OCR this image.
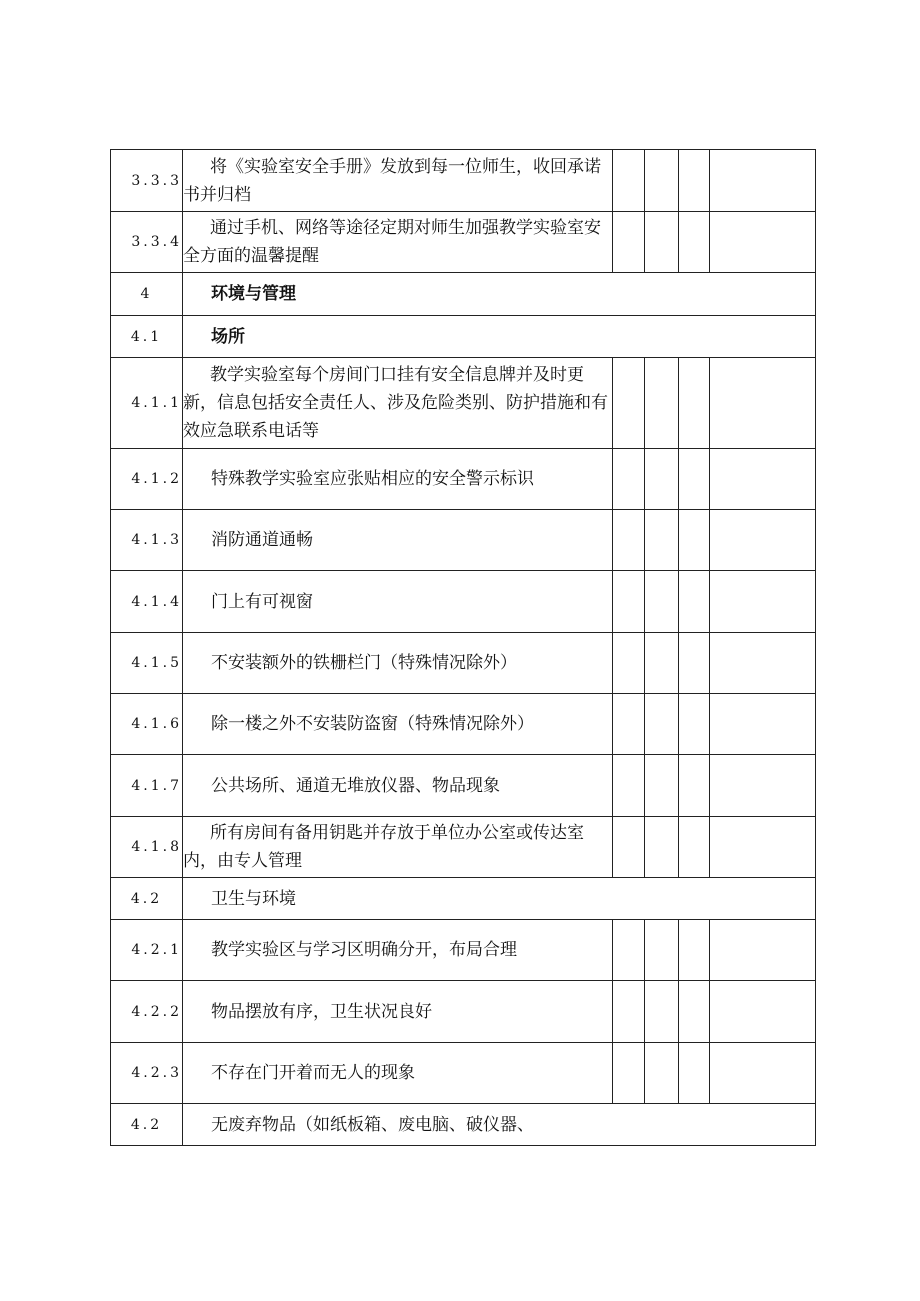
3.3.3	将《实验室安全手册》发放到每一位师生，收回承诺书并归档				

3.3.4	通过手机、网络等途径定期对师生加强教学实验室安全方面的温馨提醒				

4	环境与管理				
4.1	场所				
4.1.1	教学实验室每个房间门口挂有安全信息牌并及时更新，信息包括安全责任人、涉及危险类别、防护措施和有效应急联系电话等				

4.1.2	特殊教学实验室应张贴相应的安全警示标识				
4.1.3	消防通道通畅				
4.1.4	门上有可视窗				
4.1.5	不安装额外的铁栅栏门（特殊情况除外）				
4.1.6	除一楼之外不安装防盗窗（特殊情况除外）				
4.1.7	公共场所、通道无堆放仪器、物品现象				
4.1.8	所有房间有备用钥匙并存放于单位办公室或传达室内，由专人管理				

4.2	卫生与环境				
4.2.1	教学实验区与学习区明确分开，布局合理				
4.2.2	物品摆放有序，卫生状况良好				
4.2.3	不存在门开着而无人的现象				
4.2	无废弃物品（如纸板箱、废电脑、破仪器、				
